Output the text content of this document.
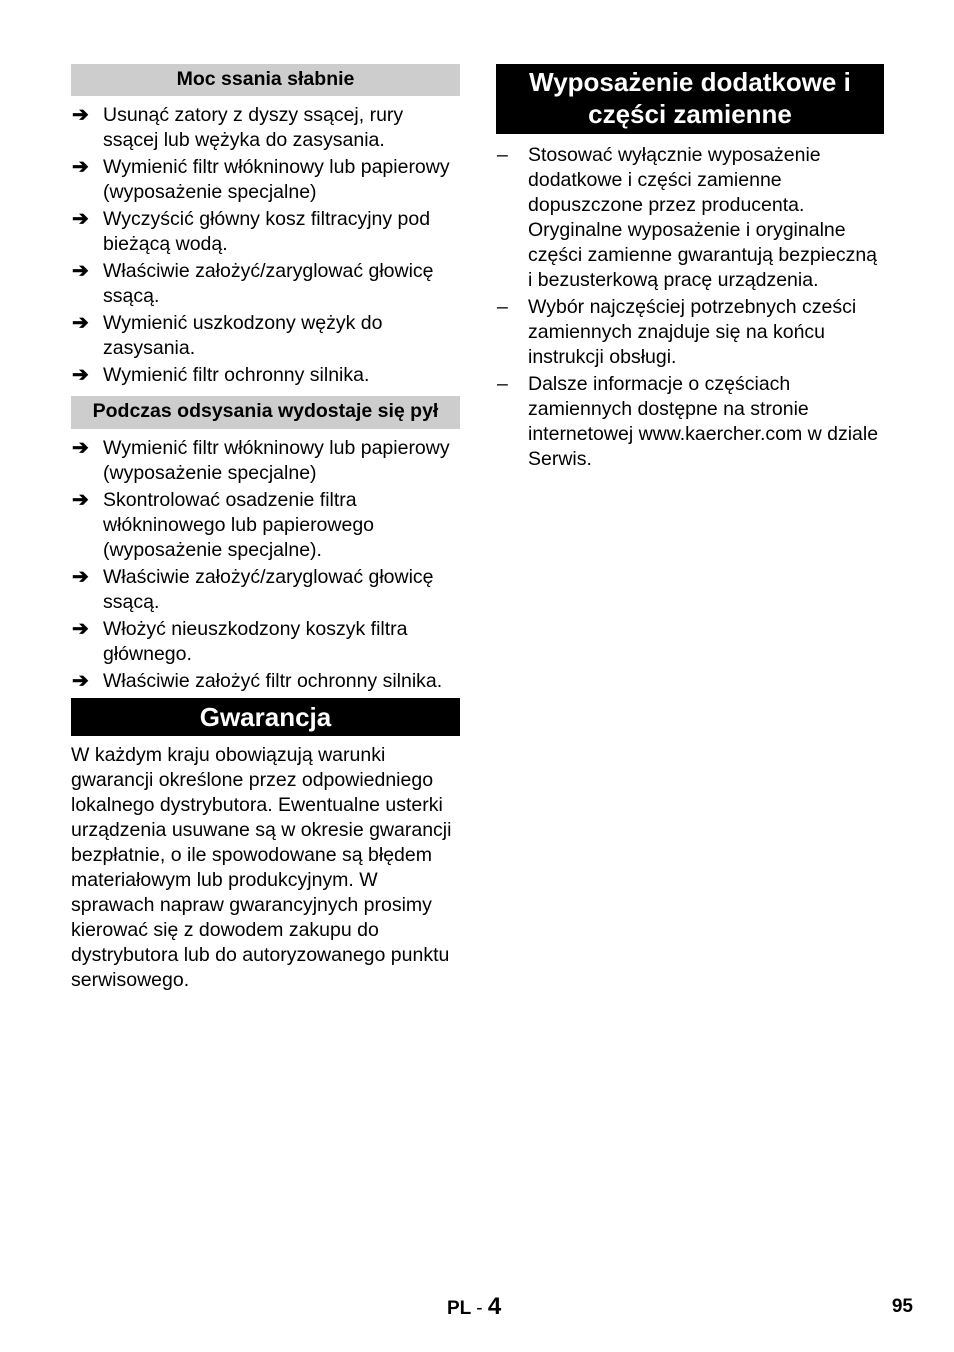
Moc ssania słabnie
➔ Usunąć zatory z dyszy ssącej, rury ssącej lub wężyka do zasysania.
➔ Wymienić filtr włókninowy lub papierowy (wyposażenie specjalne)
➔ Wyczyścić główny kosz filtracyjny pod bieżącą wodą.
➔ Właściwie założyć/zaryglować głowicę ssącą.
➔ Wymienić uszkodzony wężyk do zasysania.
➔ Wymienić filtr ochronny silnika.
Podczas odsysania wydostaje się pył
➔ Wymienić filtr włókninowy lub papierowy (wyposażenie specjalne)
➔ Skontrolować osadzenie filtra włókninowego lub papierowego (wyposażenie specjalne).
➔ Właściwie założyć/zaryglować głowicę ssącą.
➔ Włożyć nieuszkodzony koszyk filtra głównego.
➔ Właściwie założyć filtr ochronny silnika.
Gwarancja

W każdym kraju obowiązują warunki gwarancji określone przez odpowiedniego lokalnego dystrybutora. Ewentualne usterki urządzenia usuwane są w okresie gwarancji bezpłatnie, o ile spowodowane są błędem materiałowym lub produkcyjnym. W sprawach napraw gwarancyjnych prosimy kierować się z dowodem zakupu do dystrybutora lub do autoryzowanego punktu serwisowego.

Wyposażenie dodatkowe i części zamienne
– Stosować wyłącznie wyposażenie dodatkowe i części zamienne dopuszczone przez producenta. Oryginalne wyposażenie i oryginalne części zamienne gwarantują bezpieczną i bezusterkową pracę urządzenia.
– Wybór najczęściej potrzebnych cześci zamiennych znajduje się na końcu instrukcji obsługi.
– Dalsze informacje o częściach zamiennych dostępne na stronie internetowej www.kaercher.com w dziale Serwis.
PL - 4	95
